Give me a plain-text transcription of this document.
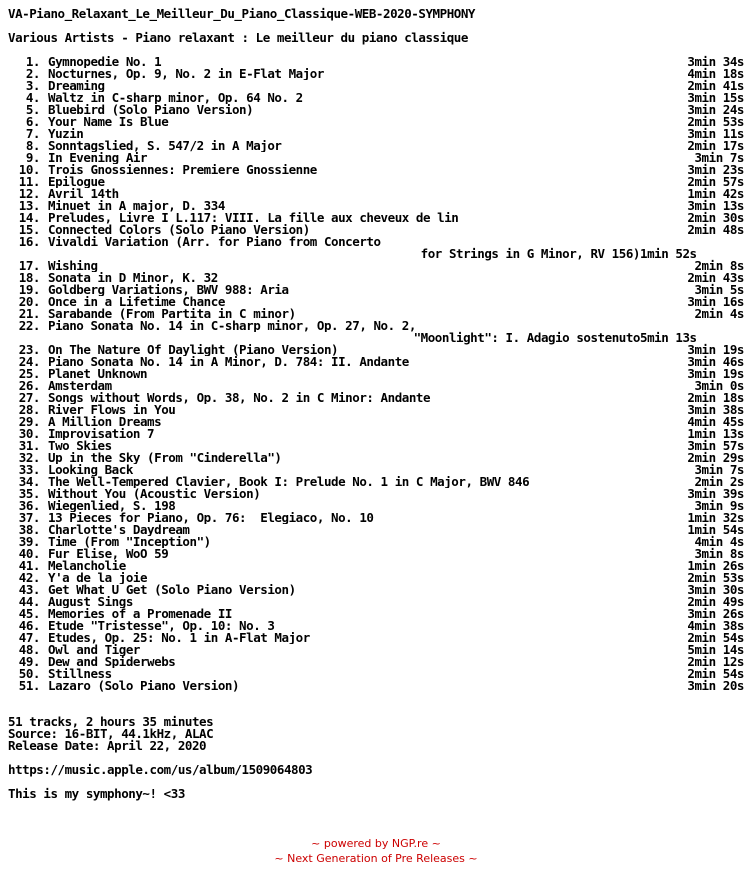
VA-Piano_Relaxant_Le_Meilleur_Du_Piano_Classique-WEB-2020-SYMPHONY
Various Artists - Piano relaxant : Le meilleur du piano classique
1. Gymnopedie No. 1	3min 34s
2. Nocturnes, Op. 9, No. 2 in E-Flat Major	4min 18s
3. Dreaming	2min 41s
4. Waltz in C-sharp minor, Op. 64 No. 2	3min 15s
5. Bluebird (Solo Piano Version)	3min 24s
6. Your Name Is Blue	2min 53s
7. Yuzin	3min 11s
8. Sonntagslied, S. 547/2 in A Major	2min 17s
9. In Evening Air	3min 7s
10. Trois Gnossiennes: Premiere Gnossienne	3min 23s
11. Epilogue	2min 57s
12. Avril 14th	1min 42s
13. Minuet in A major, D. 334	3min 13s
14. Preludes, Livre I L.117: VIII. La fille aux cheveux de lin	2min 30s
15. Connected Colors (Solo Piano Version)	2min 48s
16. Vivaldi Variation (Arr. for Piano from Concerto
for Strings in G Minor, RV 156) 1min 52s
17. Wishing	2min 8s
18. Sonata in D Minor, K. 32	2min 43s
19. Goldberg Variations, BWV 988: Aria	3min 5s
20. Once in a Lifetime Chance	3min 16s
21. Sarabande (From Partita in C minor)	2min 4s
22. Piano Sonata No. 14 in C-sharp minor, Op. 27, No. 2,
"Moonlight": I. Adagio sostenuto 5min 13s
23. On The Nature Of Daylight (Piano Version)	3min 19s
24. Piano Sonata No. 14 in A Minor, D. 784: II. Andante	3min 46s
25. Planet Unknown	3min 19s
26. Amsterdam	3min 0s
27. Songs without Words, Op. 38, No. 2 in C Minor: Andante	2min 18s
28. River Flows in You	3min 38s
29. A Million Dreams	4min 45s
30. Improvisation 7	1min 13s
31. Two Skies	3min 57s
32. Up in the Sky (From "Cinderella")	2min 29s
33. Looking Back	3min 7s
34. The Well-Tempered Clavier, Book I: Prelude No. 1 in C Major, BWV 846	2min 2s
35. Without You (Acoustic Version)	3min 39s
36. Wiegenlied, S. 198	3min 9s
37. 13 Pieces for Piano, Op. 76:  Elegiaco, No. 10	1min 32s
38. Charlotte's Daydream	1min 54s
39. Time (From "Inception")	4min 4s
40. Fur Elise, WoO 59	3min 8s
41. Melancholie	1min 26s
42. Y'a de la joie	2min 53s
43. Get What U Get (Solo Piano Version)	3min 30s
44. August Sings	2min 49s
45. Memories of a Promenade II	3min 26s
46. Etude "Tristesse", Op. 10: No. 3	4min 38s
47. Etudes, Op. 25: No. 1 in A-Flat Major	2min 54s
48. Owl and Tiger	5min 14s
49. Dew and Spiderwebs	2min 12s
50. Stillness	2min 54s
51. Lazaro (Solo Piano Version)	3min 20s
51 tracks, 2 hours 35 minutes
Source: 16-BIT, 44.1kHz, ALAC
Release Date: April 22, 2020
https://music.apple.com/us/album/1509064803
This is my symphony~! <33
~ powered by NGP.re ~
~ Next Generation of Pre Releases ~
